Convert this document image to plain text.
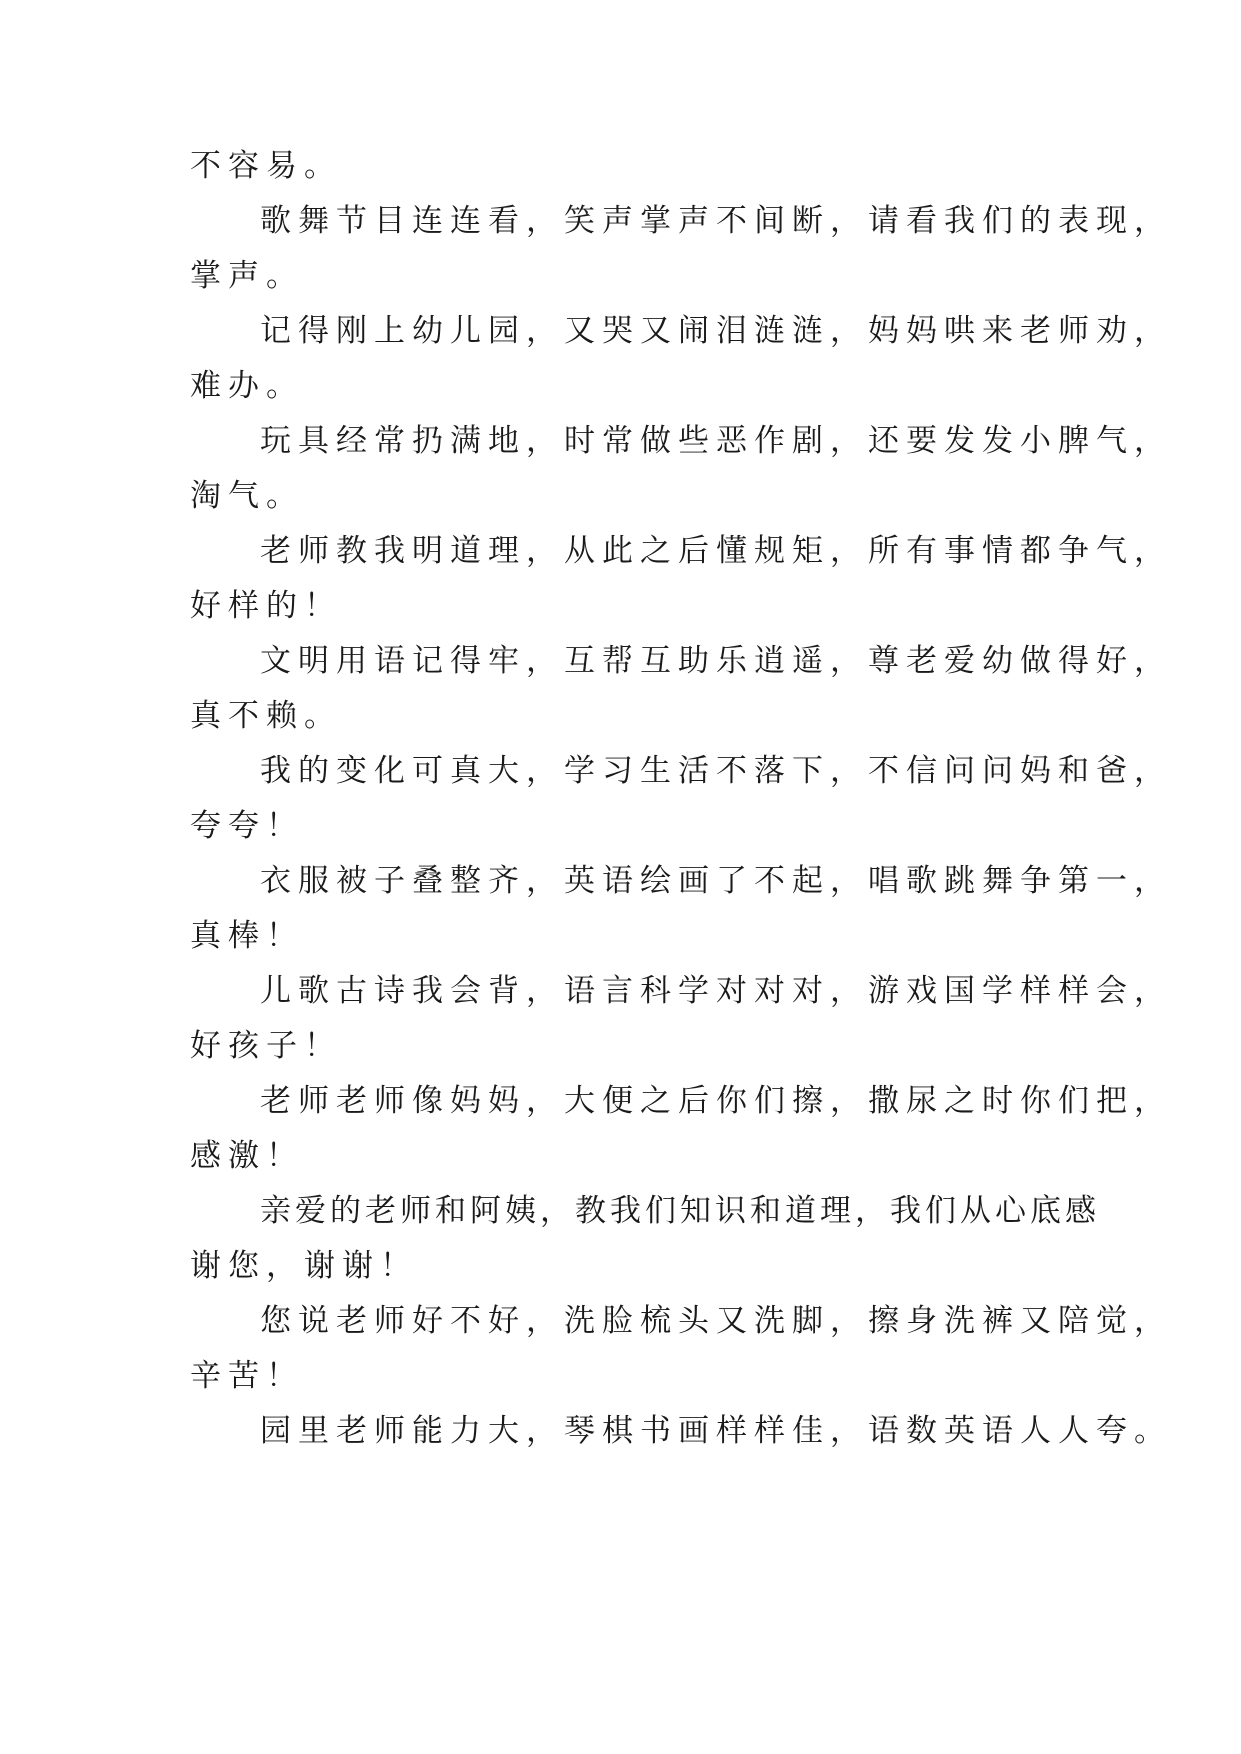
不容易。
歌舞节目连连看，笑声掌声不间断，请看我们的表现，
掌声。
记得刚上幼儿园，又哭又闹泪涟涟，妈妈哄来老师劝，
难办。
玩具经常扔满地，时常做些恶作剧，还要发发小脾气，
淘气。
老师教我明道理，从此之后懂规矩，所有事情都争气，
好样的！
文明用语记得牢，互帮互助乐逍遥，尊老爱幼做得好，
真不赖。
我的变化可真大，学习生活不落下，不信问问妈和爸，
夸夸！
衣服被子叠整齐，英语绘画了不起，唱歌跳舞争第一，
真棒！
儿歌古诗我会背，语言科学对对对，游戏国学样样会，
好孩子！
老师老师像妈妈，大便之后你们擦，撒尿之时你们把，
感激！
亲爱的老师和阿姨，教我们知识和道理，我们从心底感
谢您，谢谢！
您说老师好不好，洗脸梳头又洗脚，擦身洗裤又陪觉，
辛苦！
园里老师能力大，琴棋书画样样佳，语数英语人人夸。
